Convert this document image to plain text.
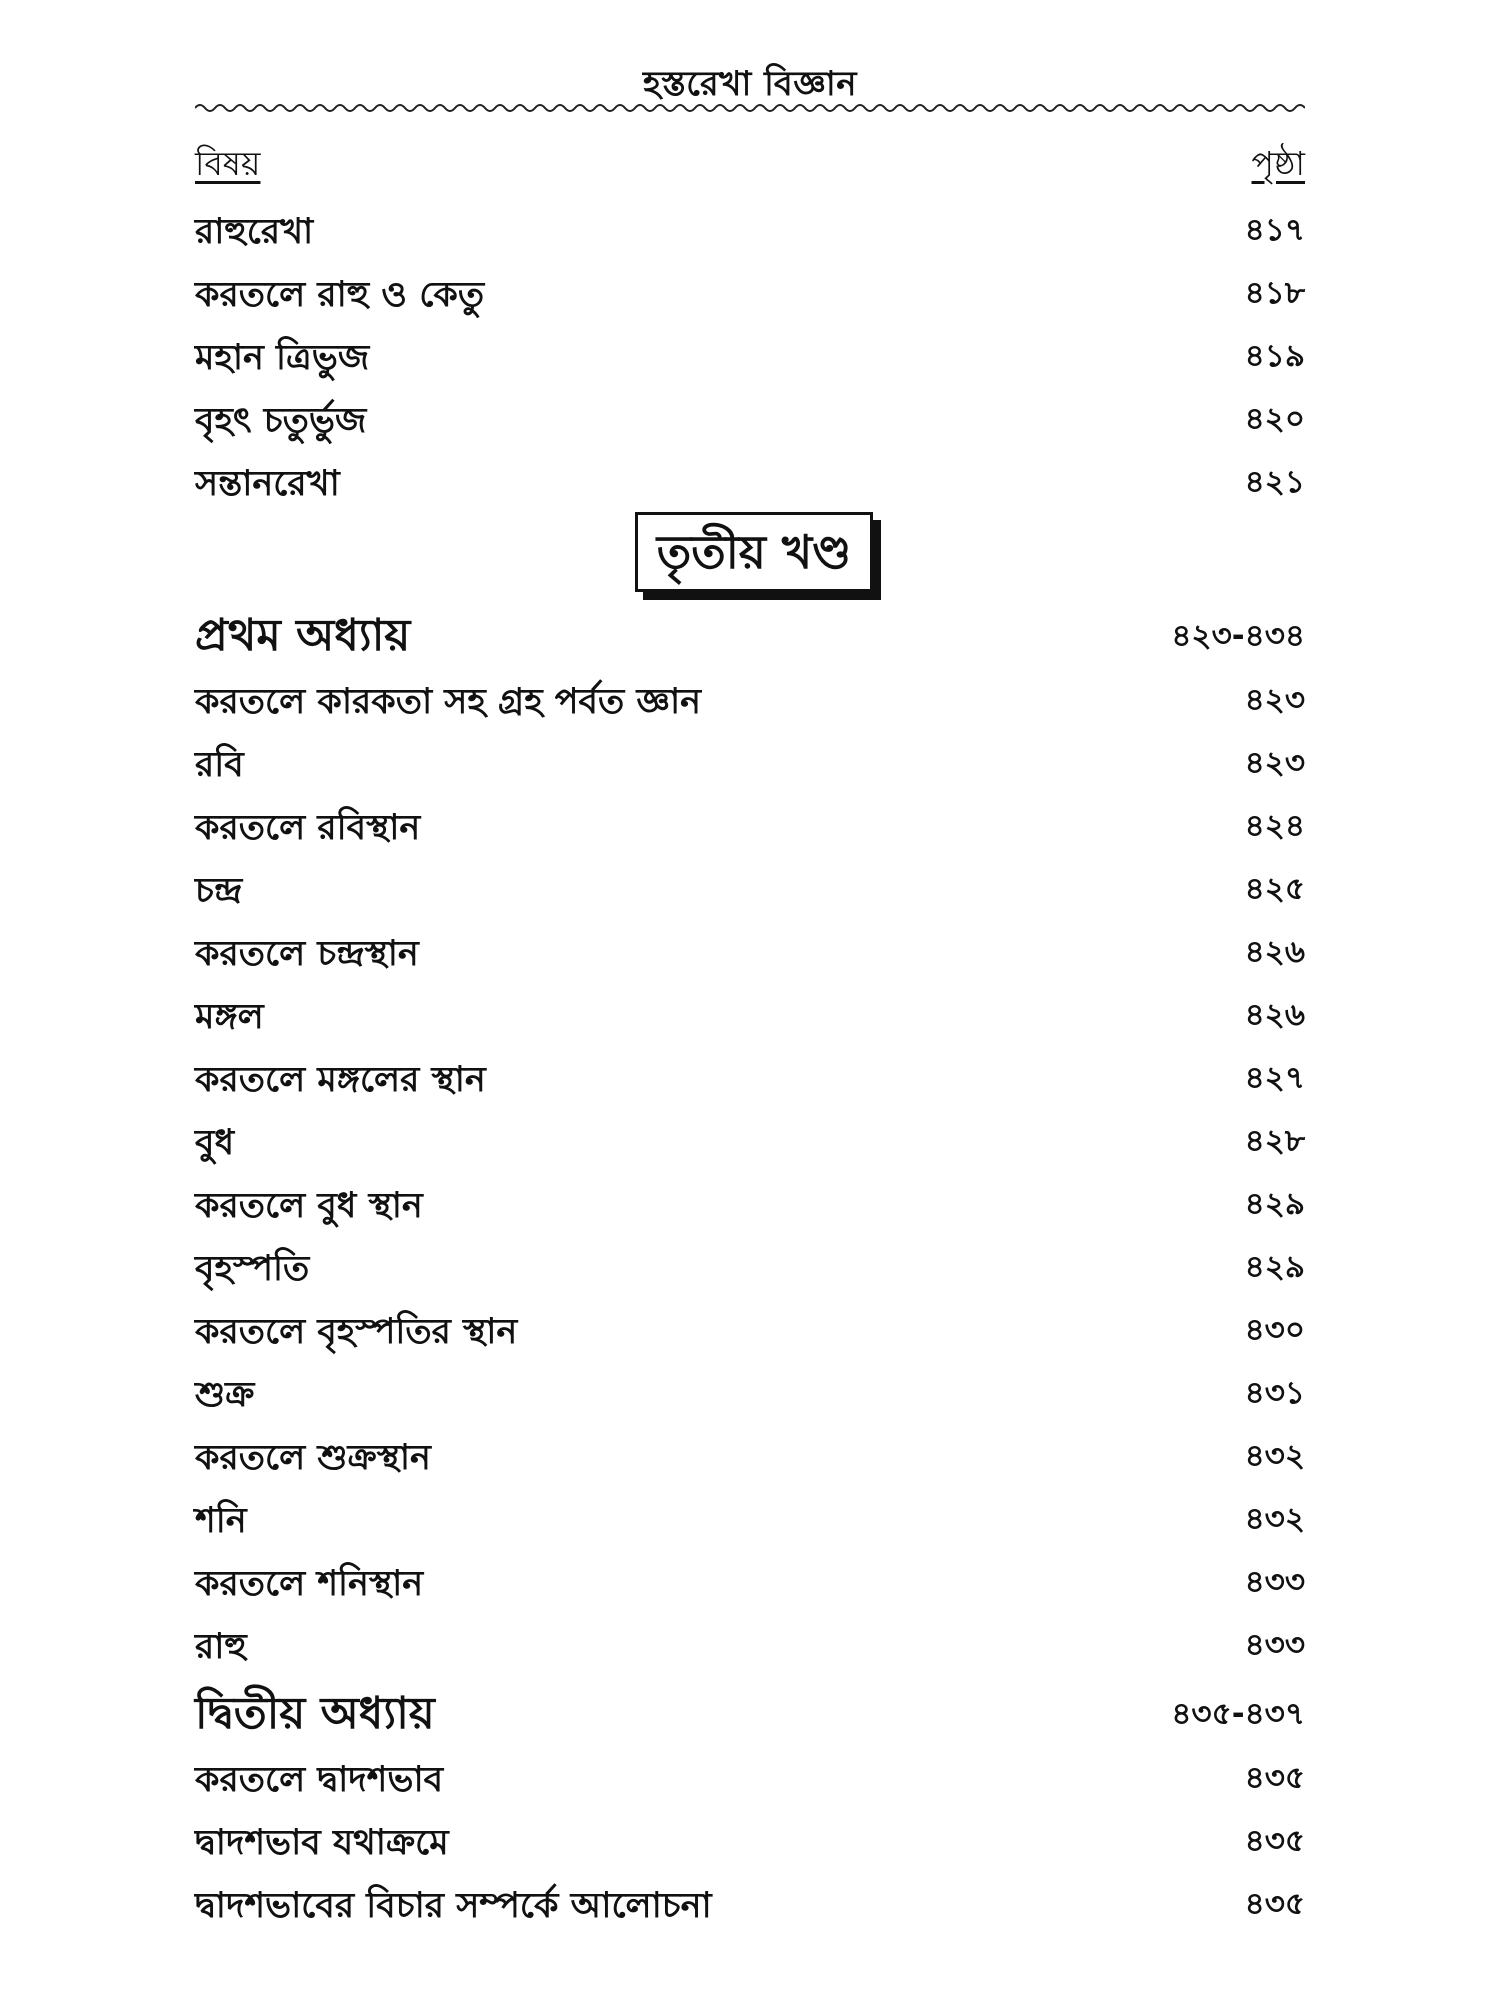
হস্তরেখা বিজ্ঞান
বিষয়	পৃষ্ঠা
রাহুরেখা	৪১৭
করতলে রাহু ও কেতু	৪১৮
মহান ত্রিভুজ	৪১৯
বৃহৎ চতুর্ভুজ	৪২০
সন্তানরেখা	৪২১
তৃতীয় খণ্ড
প্রথম অধ্যায়	৪২৩-৪৩৪
করতলে কারকতা সহ গ্রহ পর্বত জ্ঞান	৪২৩
রবি	৪২৩
করতলে রবিস্থান	৪২৪
চন্দ্র	৪২৫
করতলে চন্দ্রস্থান	৪২৬
মঙ্গল	৪২৬
করতলে মঙ্গলের স্থান	৪২৭
বুধ	৪২৮
করতলে বুধ স্থান	৪২৯
বৃহস্পতি	৪২৯
করতলে বৃহস্পতির স্থান	৪৩০
শুক্র	৪৩১
করতলে শুক্রস্থান	৪৩২
শনি	৪৩২
করতলে শনিস্থান	৪৩৩
রাহু	৪৩৩
দ্বিতীয় অধ্যায়	৪৩৫-৪৩৭
করতলে দ্বাদশভাব	৪৩৫
দ্বাদশভাব যথাক্রমে	৪৩৫
দ্বাদশভাবের বিচার সম্পর্কে আলোচনা	৪৩৫
